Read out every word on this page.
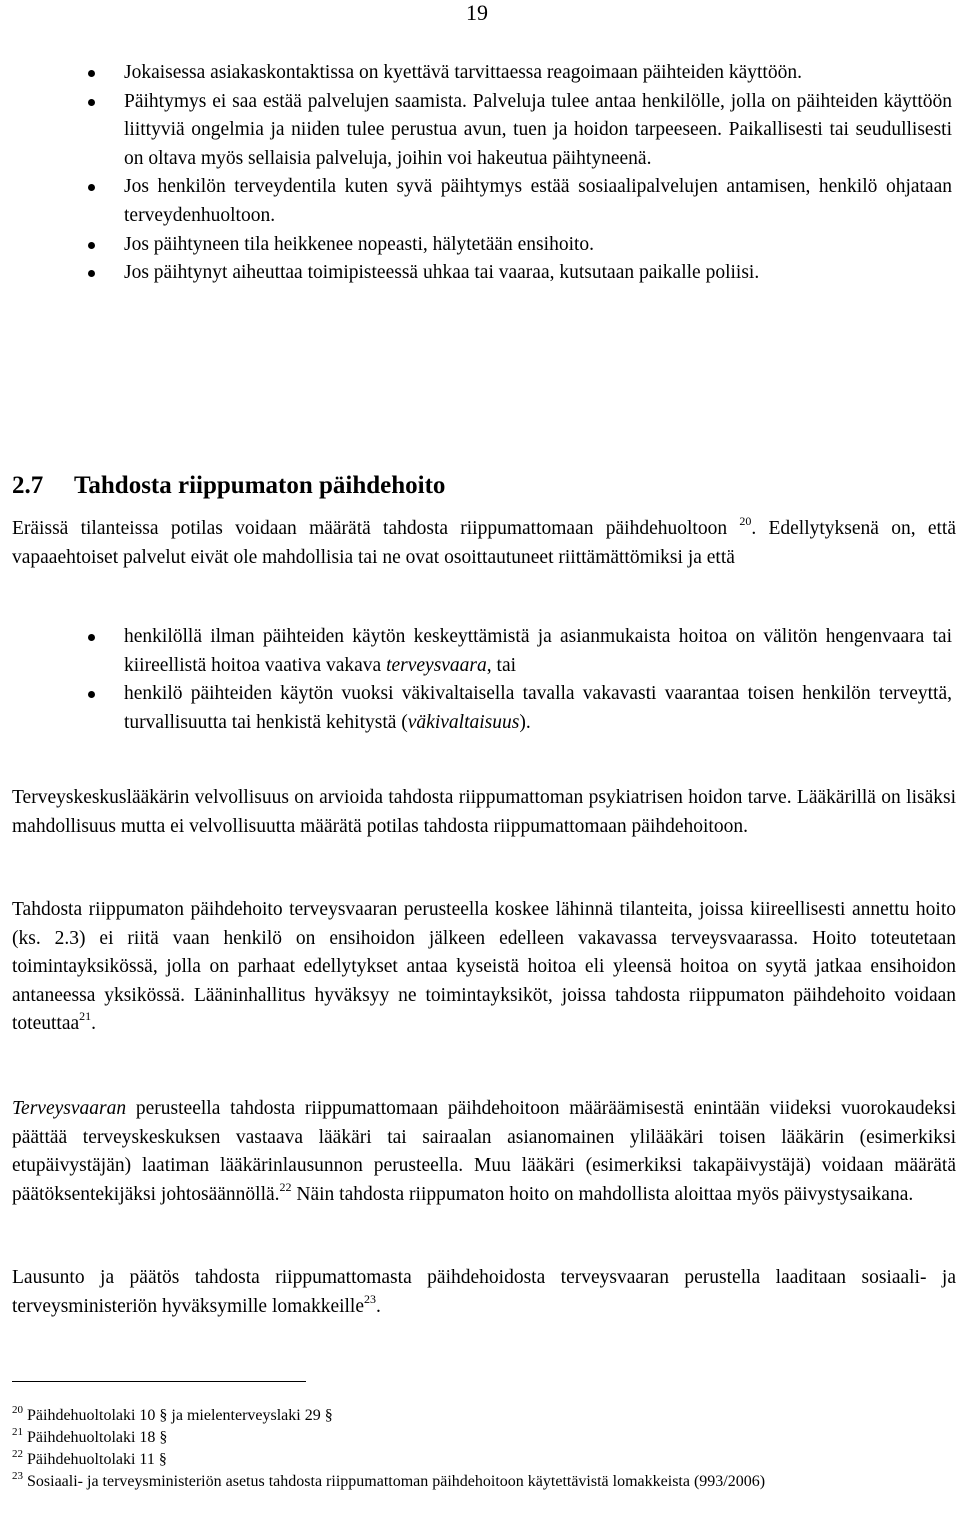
19
Jokaisessa asiakaskontaktissa on kyettävä tarvittaessa reagoimaan päihteiden käyttöön.
Päihtymys ei saa estää palvelujen saamista. Palveluja tulee antaa henkilölle, jolla on päihteiden käyttöön liittyviä ongelmia ja niiden tulee perustua avun, tuen ja hoidon tarpeeseen. Paikallisesti tai seudullisesti on oltava myös sellaisia palveluja, joihin voi hakeutua päihtyneenä.
Jos henkilön terveydentila kuten syvä päihtymys estää sosiaalipalvelujen antamisen, henkilö ohjataan terveydenhuoltoon.
Jos päihtyneen tila heikkenee nopeasti, hälytetään ensihoito.
Jos päihtynyt aiheuttaa toimipisteessä uhkaa tai vaaraa, kutsutaan paikalle poliisi.
2.7 Tahdosta riippumaton päihdehoito

Eräissä tilanteissa potilas voidaan määrätä tahdosta riippumattomaan päihdehuoltoon $^{20}$. Edellytyksenä on, että vapaaehtoiset palvelut eivät ole mahdollisia tai ne ovat osoittautuneet riittämättömiksi ja että

henkilöllä ilman päihteiden käytön keskeyttämistä ja asianmukaista hoitoa on välitön hengenvaara tai kiireellistä hoitoa vaativa vakava terveysvaara, tai
henkilö päihteiden käytön vuoksi väkivaltaisella tavalla vakavasti vaarantaa toisen henkilön terveyttä, turvallisuutta tai henkistä kehitystä (väkivaltaisuus).

Terveyskeskuslääkärin velvollisuus on arvioida tahdosta riippumattoman psykiatrisen hoidon tarve. Lääkärillä on lisäksi mahdollisuus mutta ei velvollisuutta määrätä potilas tahdosta riippumattomaan päihdehoitoon.

Tahdosta riippumaton päihdehoito terveysvaaran perusteella koskee lähinnä tilanteita, joissa kiireellisesti annettu hoito (ks. 2.3) ei riitä vaan henkilö on ensihoidon jälkeen edelleen vakavassa terveysvaarassa. Hoito toteutetaan toimintayksikössä, jolla on parhaat edellytykset antaa kyseistä hoitoa eli yleensä hoitoa on syytä jatkaa ensihoidon antaneessa yksikössä. Lääninhallitus hyväksyy ne toimintayksiköt, joissa tahdosta riippumaton päihdehoito voidaan toteuttaa$^{21}$.

Terveysvaaran perusteella tahdosta riippumattomaan päihdehoitoon määräämisestä enintään viideksi vuorokaudeksi päättää terveyskeskuksen vastaava lääkäri tai sairaalan asianomainen ylilääkäri toisen lääkärin (esimerkiksi etupäivystäjän) laatiman lääkärinlausunnon perusteella. Muu lääkäri (esimerkiksi takapäivystäjä) voidaan määrätä päätöksentekijäksi johtosäännöllä.$^{22}$ Näin tahdosta riippumaton hoito on mahdollista aloittaa myös päivystysaikana.

Lausunto ja päätös tahdosta riippumattomasta päihdehoidosta terveysvaaran perustella laaditaan sosiaali- ja terveysministeriön hyväksymille lomakkeille$^{23}$.

$^{20}$ Päihdehuoltolaki 10 § ja mielenterveyslaki 29 §
$^{21}$ Päihdehuoltolaki 18 §
$^{22}$ Päihdehuoltolaki 11 §
$^{23}$ Sosiaali- ja terveysministeriön asetus tahdosta riippumattoman päihdehoitoon käytettävistä lomakkeista (993/2006)
